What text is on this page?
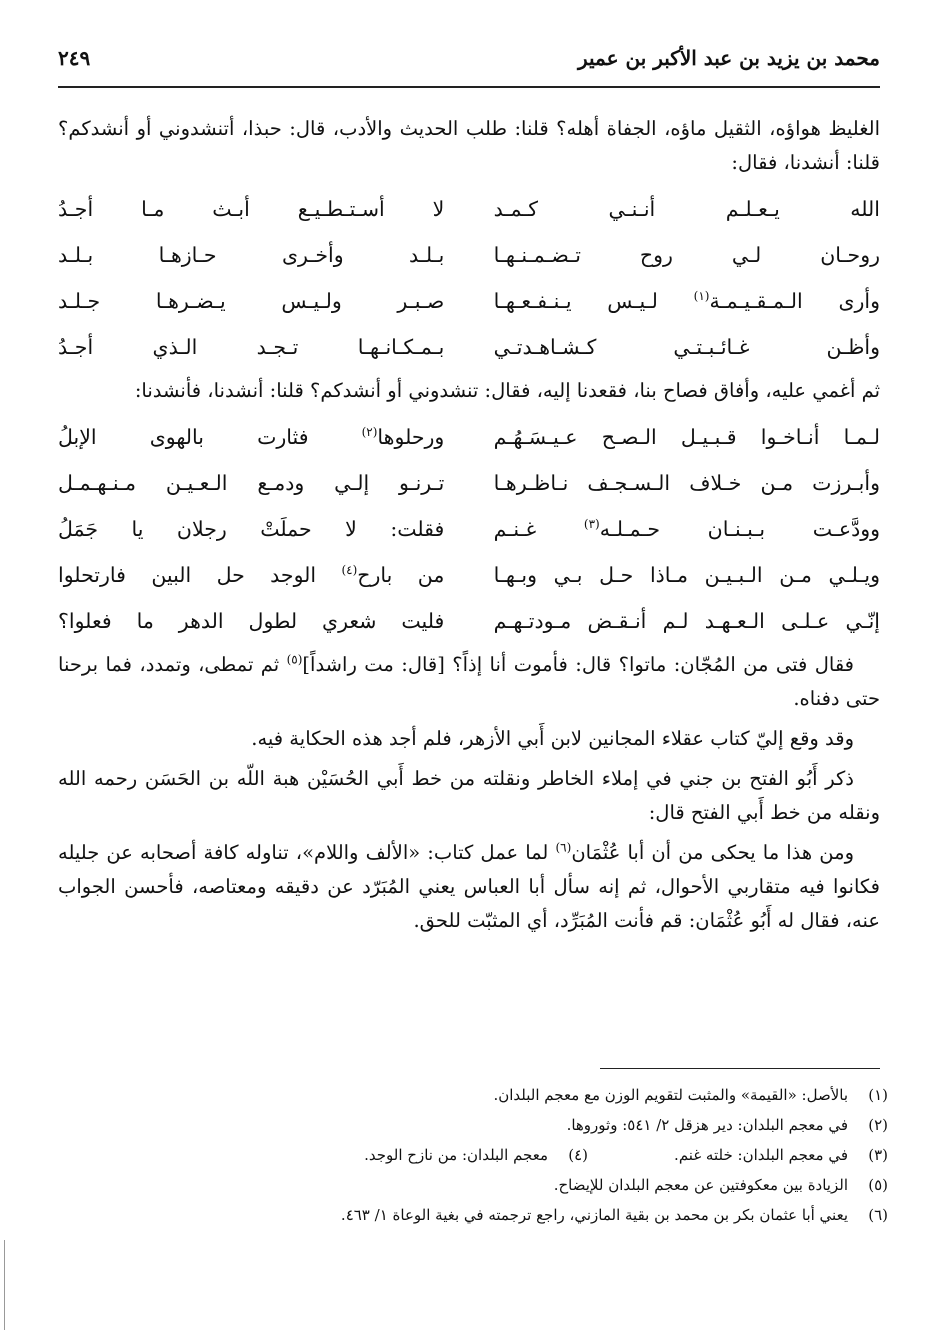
محمد بن يزيد بن عبد الأكبر بن عمير
٢٤٩

الغليظ هواؤه، الثقيل ماؤه، الجفاة أهله؟ قلنا: طلب الحديث والأدب، قال: حبذا، أتنشدوني أو أنشدكم؟ قلنا: أنشدنا، فقال:

الله يـعـلـم أنـنـي كـمـد
لا أسـتـطـيـع أبـث مـا أجـدُ
روحـان لـي روح تـضـمـنـهـا
بـلـد وأخـرى حـازهـا بـلـد
وأرى الـمـقـيـمـة$^{(١)}$ لـيـس يـنـفـعـهـا
صـبـر ولـيـس يـضـرهـا جـلـد
وأظـن غـائـبـتـي كـشـاهـدتـي
بـمـكـانـهـا تـجـد الـذي أجـدُ

ثم أغمي عليه، وأفاق فصاح بنا، فقعدنا إليه، فقال: تنشدوني أو أنشدكم؟ قلنا: أنشدنا، فأنشدنا:

لـمـا أنـاخـوا قـبـيـل الـصـح عـيـسَـهُـم
ورحلوها$^{(٢)}$ فثارت بالهوى الإبلُ
وأبـرزت مـن خـلاف الـسـجـف نـاظـرهـا
تـرنـو إلـي ودمـع الـعـيـن مـنـهـمـل
وودَّعـت بـبـنـان حـمـلـه$^{(٣)}$ غـنـم
فقلت: لا حملَتْ رجلان يا جَمَلُ
ويـلـي مـن الـبـيـن مـاذا حـل بـي وبـهـا
من بارح$^{(٤)}$ الوجد حل البين فارتحلوا
إنّـي عـلـى الـعـهـد لـم أنـقـض مـودتـهـم
فليت شعري لطول الدهر ما فعلوا؟

فقال فتى من المُجّان: ماتوا؟ قال: فأموت أنا إذاً؟ [قال: مت راشداً]$^{(٥)}$ ثم تمطى، وتمدد، فما برحنا حتى دفناه.

وقد وقع إليّ كتاب عقلاء المجانين لابن أَبي الأزهر، فلم أجد هذه الحكاية فيه.

ذكر أَبُو الفتح بن جني في إملاء الخاطر ونقلته من خط أَبي الحُسَيْن هبة اللّه بن الحَسَن رحمه الله ونقله من خط أَبي الفتح قال:

ومن هذا ما يحكى من أن أبا عُثْمَان$^{(٦)}$ لما عمل كتاب: «الألف واللام»، تناوله كافة أصحابه عن جليله فكانوا فيه متقاربي الأحوال، ثم إنه سأل أبا العباس يعني المُبَرّد عن دقيقه ومعتاصه، فأحسن الجواب عنه، فقال له أَبُو عُثْمَان: قم فأنت المُبَرِّد، أي المثبّت للحق.

(١)بالأصل: «القيمة» والمثبت لتقويم الوزن مع معجم البلدان.
(٢)في معجم البلدان: دير هزقل ٢/ ٥٤١: وثوروها.
(٣)في معجم البلدان: خلته غنم.
(٤)معجم البلدان: من نازح الوجد.
(٥)الزيادة بين معكوفتين عن معجم البلدان للإيضاح.
(٦)يعني أبا عثمان بكر بن محمد بن بقية المازني، راجع ترجمته في بغية الوعاة ١/ ٤٦٣.
